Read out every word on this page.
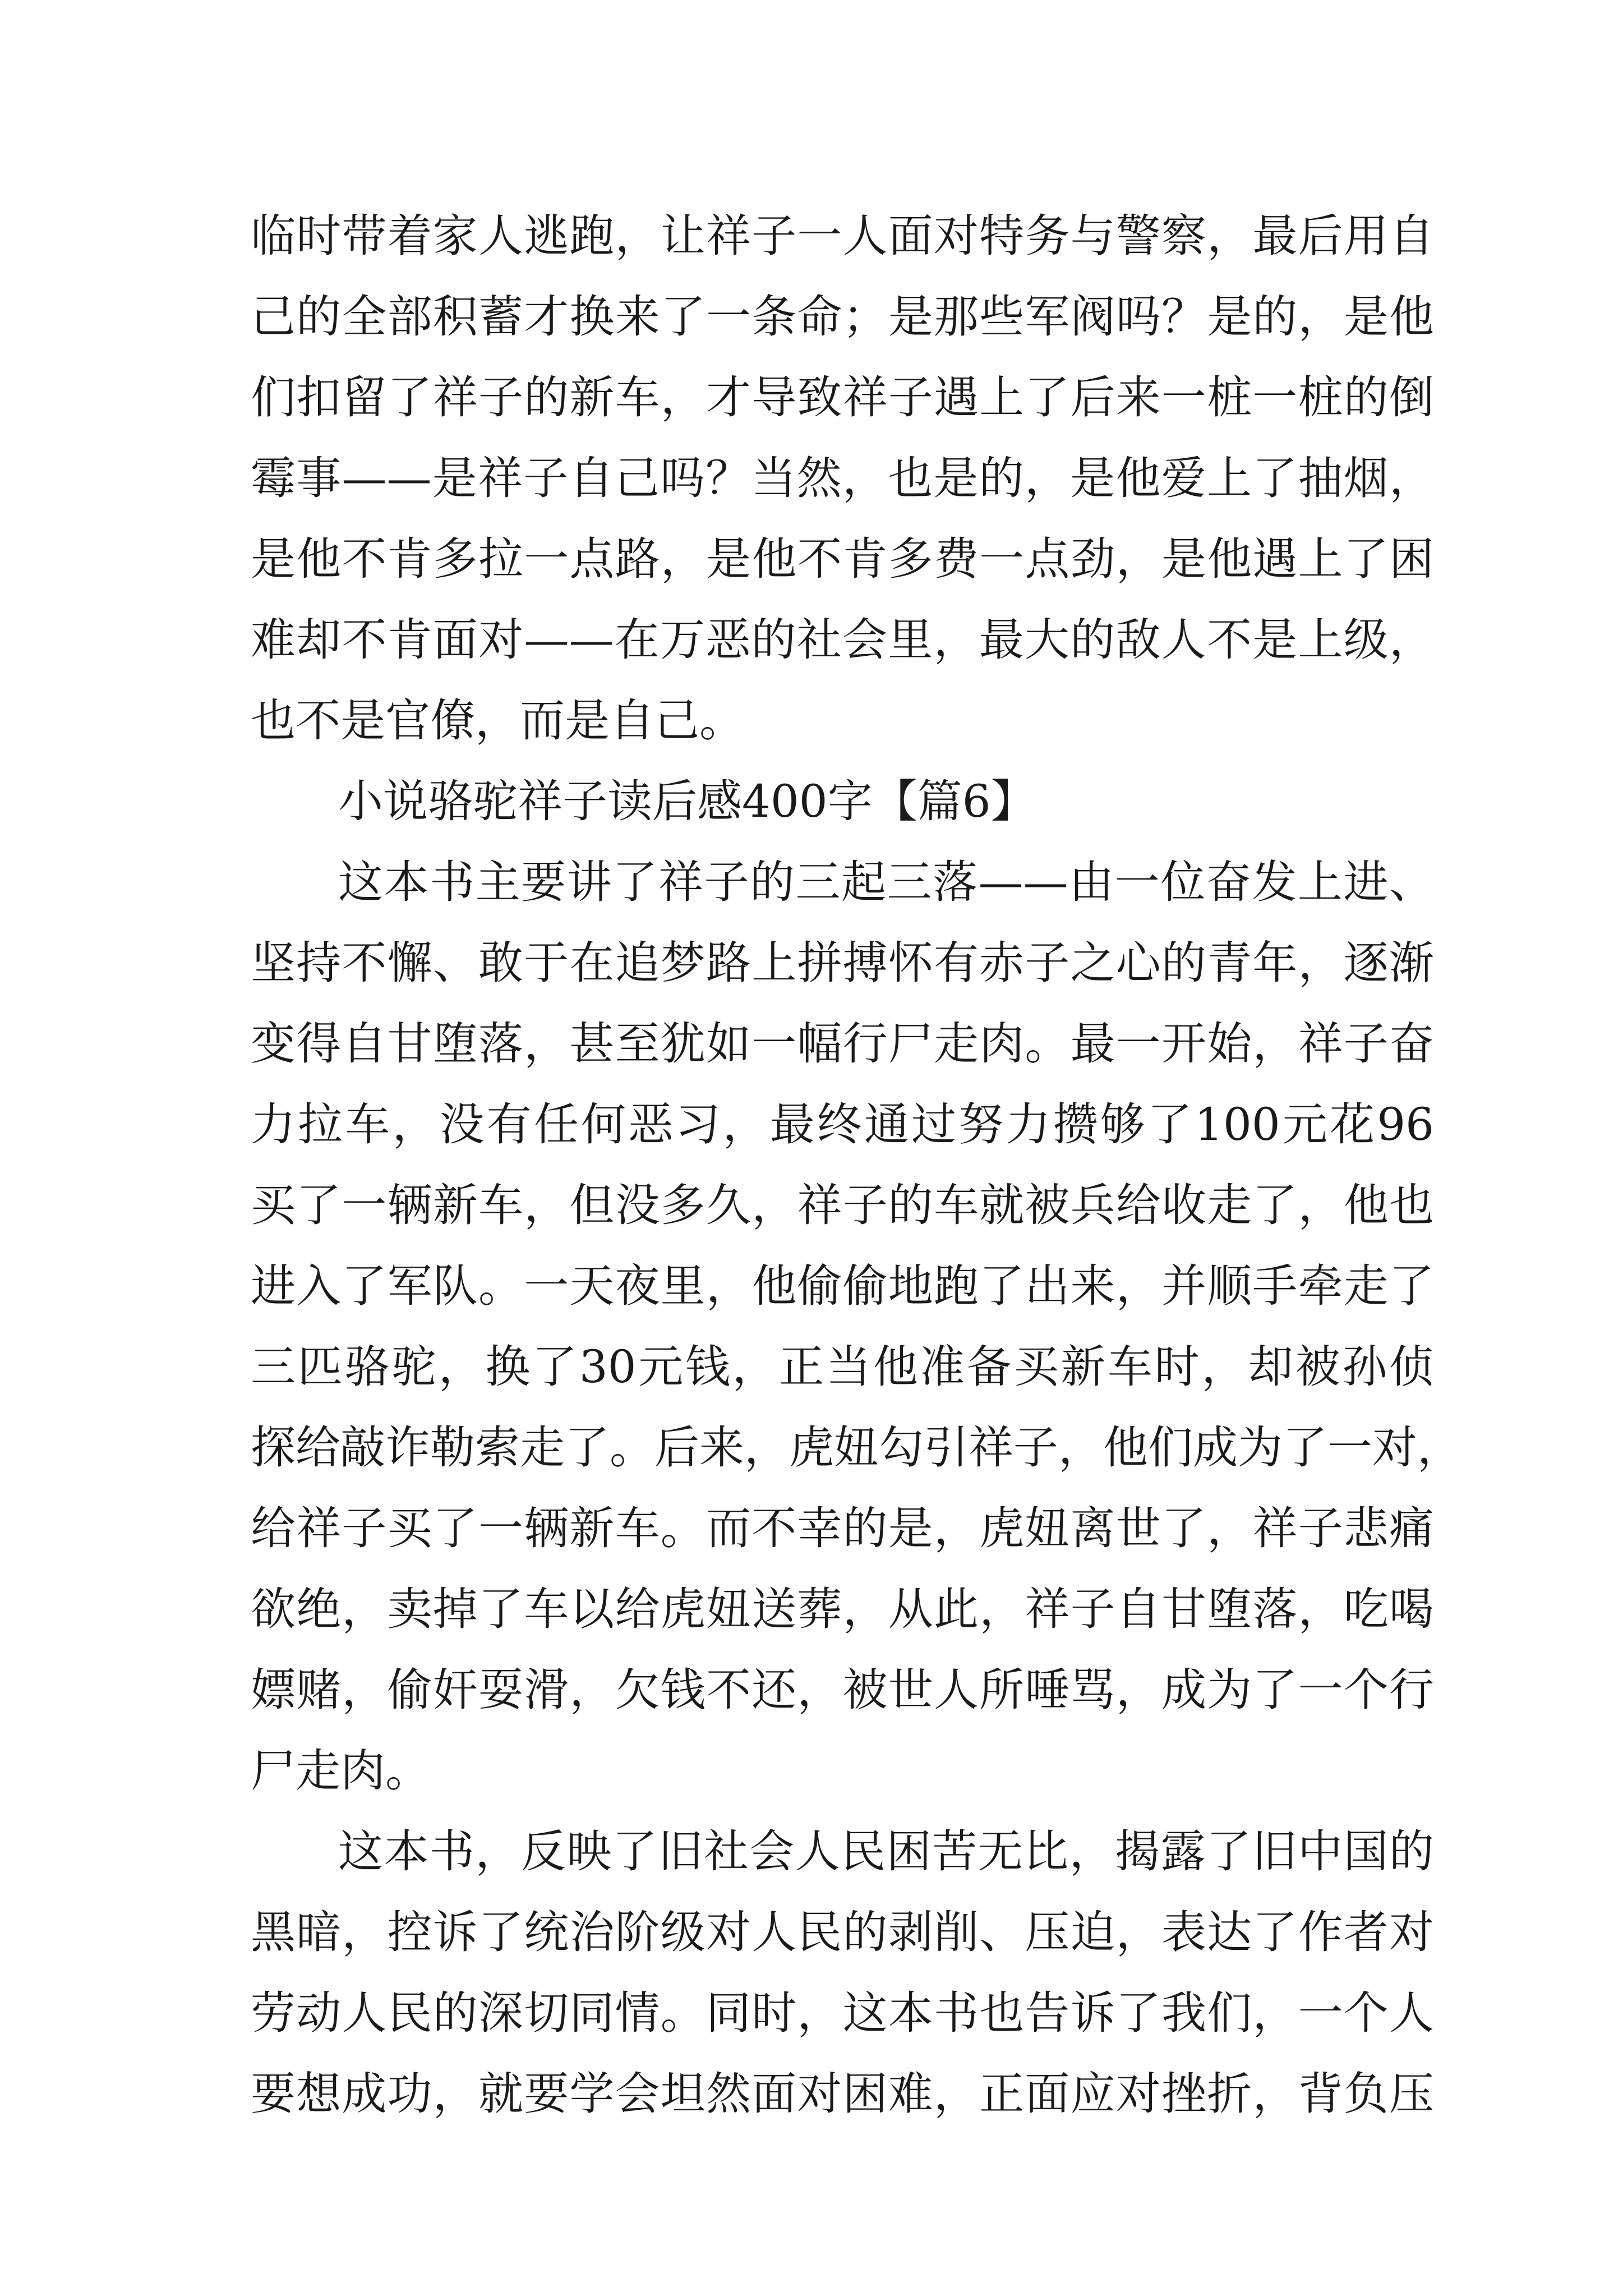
临时带着家人逃跑，让祥子一人面对特务与警察，最后用自

己的全部积蓄才换来了一条命；是那些军阀吗？是的，是他

们扣留了祥子的新车，才导致祥子遇上了后来一桩一桩的倒

霉事——是祥子自己吗？当然，也是的，是他爱上了抽烟，

是他不肯多拉一点路，是他不肯多费一点劲，是他遇上了困

难却不肯面对——在万恶的社会里，最大的敌人不是上级，

也不是官僚，而是自己。

小说骆驼祥子读后感400字【篇6】

这本书主要讲了祥子的三起三落——由一位奋发上进、

坚持不懈、敢于在追梦路上拼搏怀有赤子之心的青年，逐渐

变得自甘堕落，甚至犹如一幅行尸走肉。最一开始，祥子奋

力拉车，没有任何恶习，最终通过努力攒够了100元花96

买了一辆新车，但没多久，祥子的车就被兵给收走了，他也

进入了军队。一天夜里，他偷偷地跑了出来，并顺手牵走了

三匹骆驼，换了30元钱，正当他准备买新车时，却被孙侦

探给敲诈勒索走了。后来，虎妞勾引祥子，他们成为了一对，

给祥子买了一辆新车。而不幸的是，虎妞离世了，祥子悲痛

欲绝，卖掉了车以给虎妞送葬，从此，祥子自甘堕落，吃喝

嫖赌，偷奸耍滑，欠钱不还，被世人所唾骂，成为了一个行

尸走肉。

这本书，反映了旧社会人民困苦无比，揭露了旧中国的

黑暗，控诉了统治阶级对人民的剥削、压迫，表达了作者对

劳动人民的深切同情。同时，这本书也告诉了我们，一个人

要想成功，就要学会坦然面对困难，正面应对挫折，背负压
